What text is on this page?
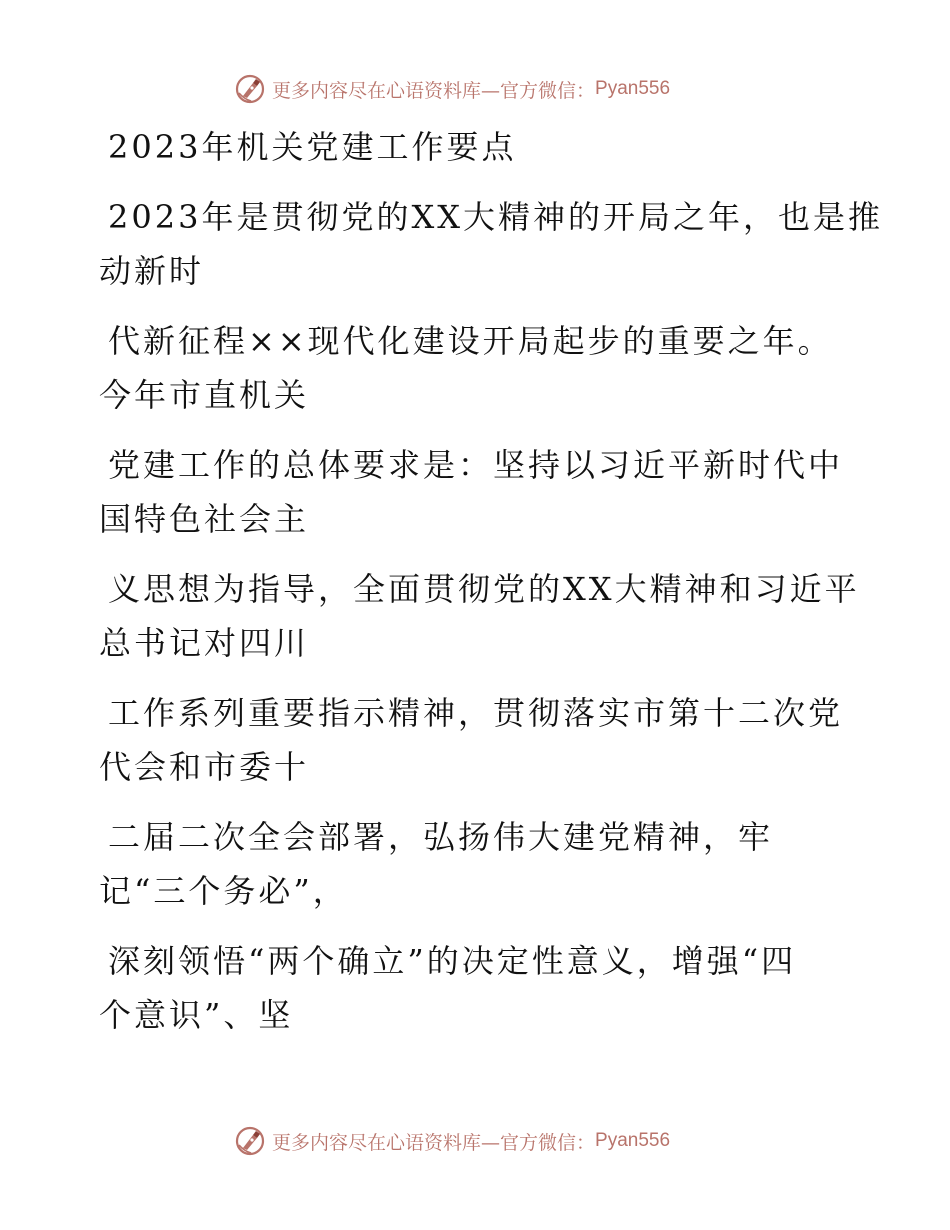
更多内容尽在心语资料库—官方微信： Pyan556
2023年机关党建工作要点
2023年是贯彻党的XX大精神的开局之年，也是推
动新时
代新征程××现代化建设开局起步的重要之年。
今年市直机关
党建工作的总体要求是：坚持以习近平新时代中
国特色社会主
义思想为指导，全面贯彻党的XX大精神和习近平
总书记对四川
工作系列重要指示精神，贯彻落实市第十二次党
代会和市委十
二届二次全会部署，弘扬伟大建党精神，牢
记“三个务必”，
深刻领悟“两个确立”的决定性意义，增强“四
个意识”、坚
更多内容尽在心语资料库—官方微信： Pyan556
